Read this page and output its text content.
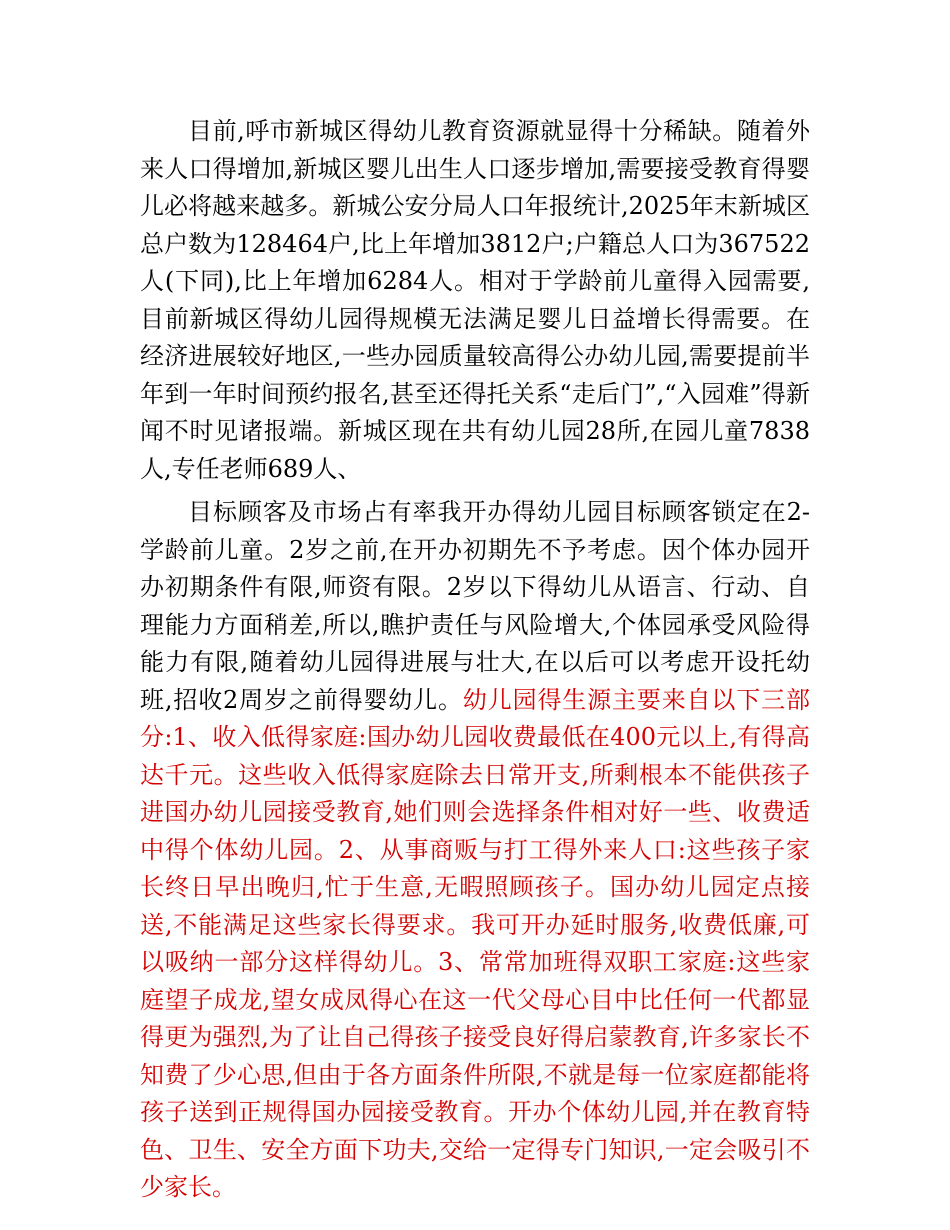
目前,呼市新城区得幼儿教育资源就显得十分稀缺。随着外来人口得增加,新城区婴儿出生人口逐步增加,需要接受教育得婴儿必将越来越多。新城公安分局人口年报统计,2025年末新城区总户数为128464户,比上年增加3812户;户籍总人口为367522人(下同),比上年增加6284人。相对于学龄前儿童得入园需要,目前新城区得幼儿园得规模无法满足婴儿日益增长得需要。在经济进展较好地区,一些办园质量较高得公办幼儿园,需要提前半年到一年时间预约报名,甚至还得托关系“走后门”,“入园难”得新闻不时见诸报端。新城区现在共有幼儿园28所,在园儿童7838人,专任老师689人、

目标顾客及市场占有率我开办得幼儿园目标顾客锁定在2-学龄前儿童。2岁之前,在开办初期先不予考虑。因个体办园开办初期条件有限,师资有限。2岁以下得幼儿从语言、行动、自理能力方面稍差,所以,瞧护责任与风险增大,个体园承受风险得能力有限,随着幼儿园得进展与壮大,在以后可以考虑开设托幼班,招收2周岁之前得婴幼儿。幼儿园得生源主要来自以下三部分:1、收入低得家庭:国办幼儿园收费最低在400元以上,有得高达千元。这些收入低得家庭除去日常开支,所剩根本不能供孩子进国办幼儿园接受教育,她们则会选择条件相对好一些、收费适中得个体幼儿园。2、从事商贩与打工得外来人口:这些孩子家长终日早出晚归,忙于生意,无暇照顾孩子。国办幼儿园定点接送,不能满足这些家长得要求。我可开办延时服务,收费低廉,可以吸纳一部分这样得幼儿。3、常常加班得双职工家庭:这些家庭望子成龙,望女成凤得心在这一代父母心目中比任何一代都显得更为强烈,为了让自己得孩子接受良好得启蒙教育,许多家长不知费了少心思,但由于各方面条件所限,不就是每一位家庭都能将孩子送到正规得国办园接受教育。开办个体幼儿园,并在教育特色、卫生、安全方面下功夫,交给一定得专门知识,一定会吸引不少家长。
